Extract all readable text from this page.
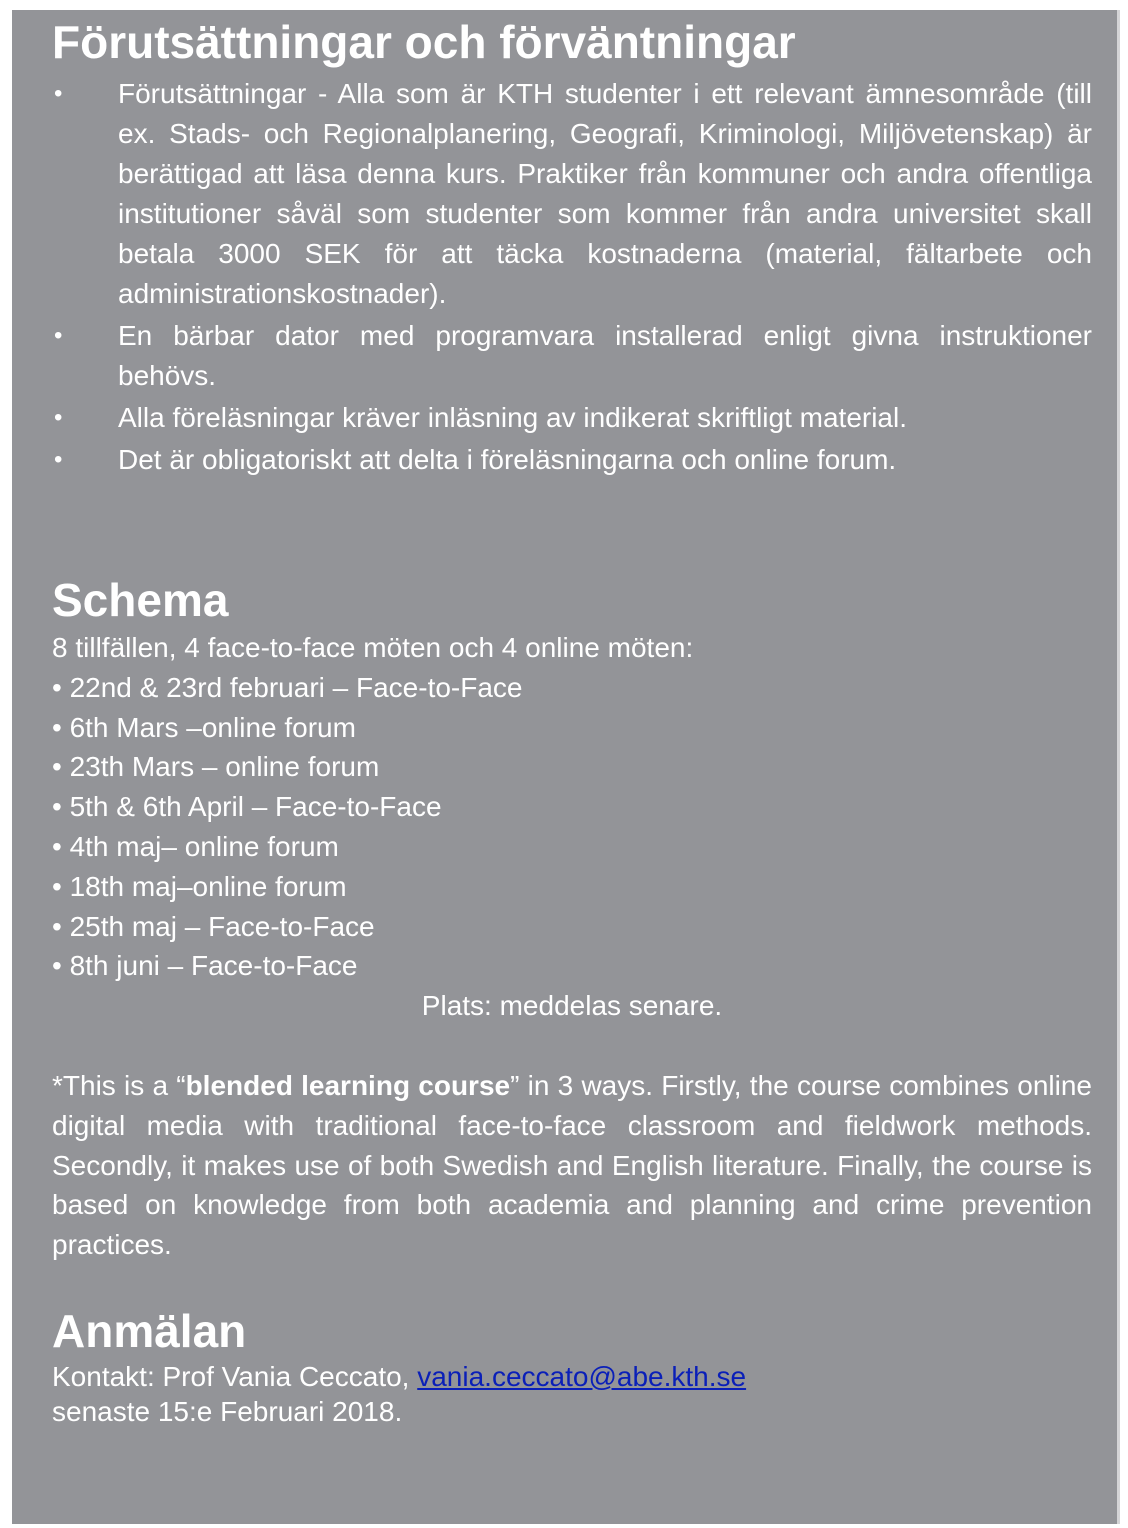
Förutsättningar och förväntningar
• Förutsättningar - Alla som är KTH studenter i ett relevant ämnesområde (till ex. Stads- och Regionalplanering, Geografi, Kriminologi, Miljövetenskap) är berättigad att läsa denna kurs. Praktiker från kommuner och andra offentliga institutioner såväl som studenter som kommer från andra universitet skall betala 3000 SEK för att täcka kostnaderna (material, fältarbete och administrationskostnader).
• En bärbar dator med programvara installerad enligt givna instruktioner behövs.
• Alla föreläsningar kräver inläsning av indikerat skriftligt material.
• Det är obligatoriskt att delta i föreläsningarna och online forum.
Schema
8 tillfällen, 4 face-to-face möten och 4 online möten:
• 22nd & 23rd februari – Face-to-Face
• 6th Mars –online forum
• 23th Mars – online forum
• 5th & 6th April – Face-to-Face
• 4th maj– online forum
• 18th maj–online forum
• 25th maj – Face-to-Face
• 8th juni – Face-to-Face
Plats: meddelas senare.
*This is a “blended learning course” in 3 ways. Firstly, the course combines online digital media with traditional face-to-face classroom and fieldwork methods. Secondly, it makes use of both Swedish and English literature. Finally, the course is based on knowledge from both academia and planning and crime prevention practices.
Anmälan
Kontakt: Prof Vania Ceccato, vania.ceccato@abe.kth.se
senaste 15:e Februari 2018.
